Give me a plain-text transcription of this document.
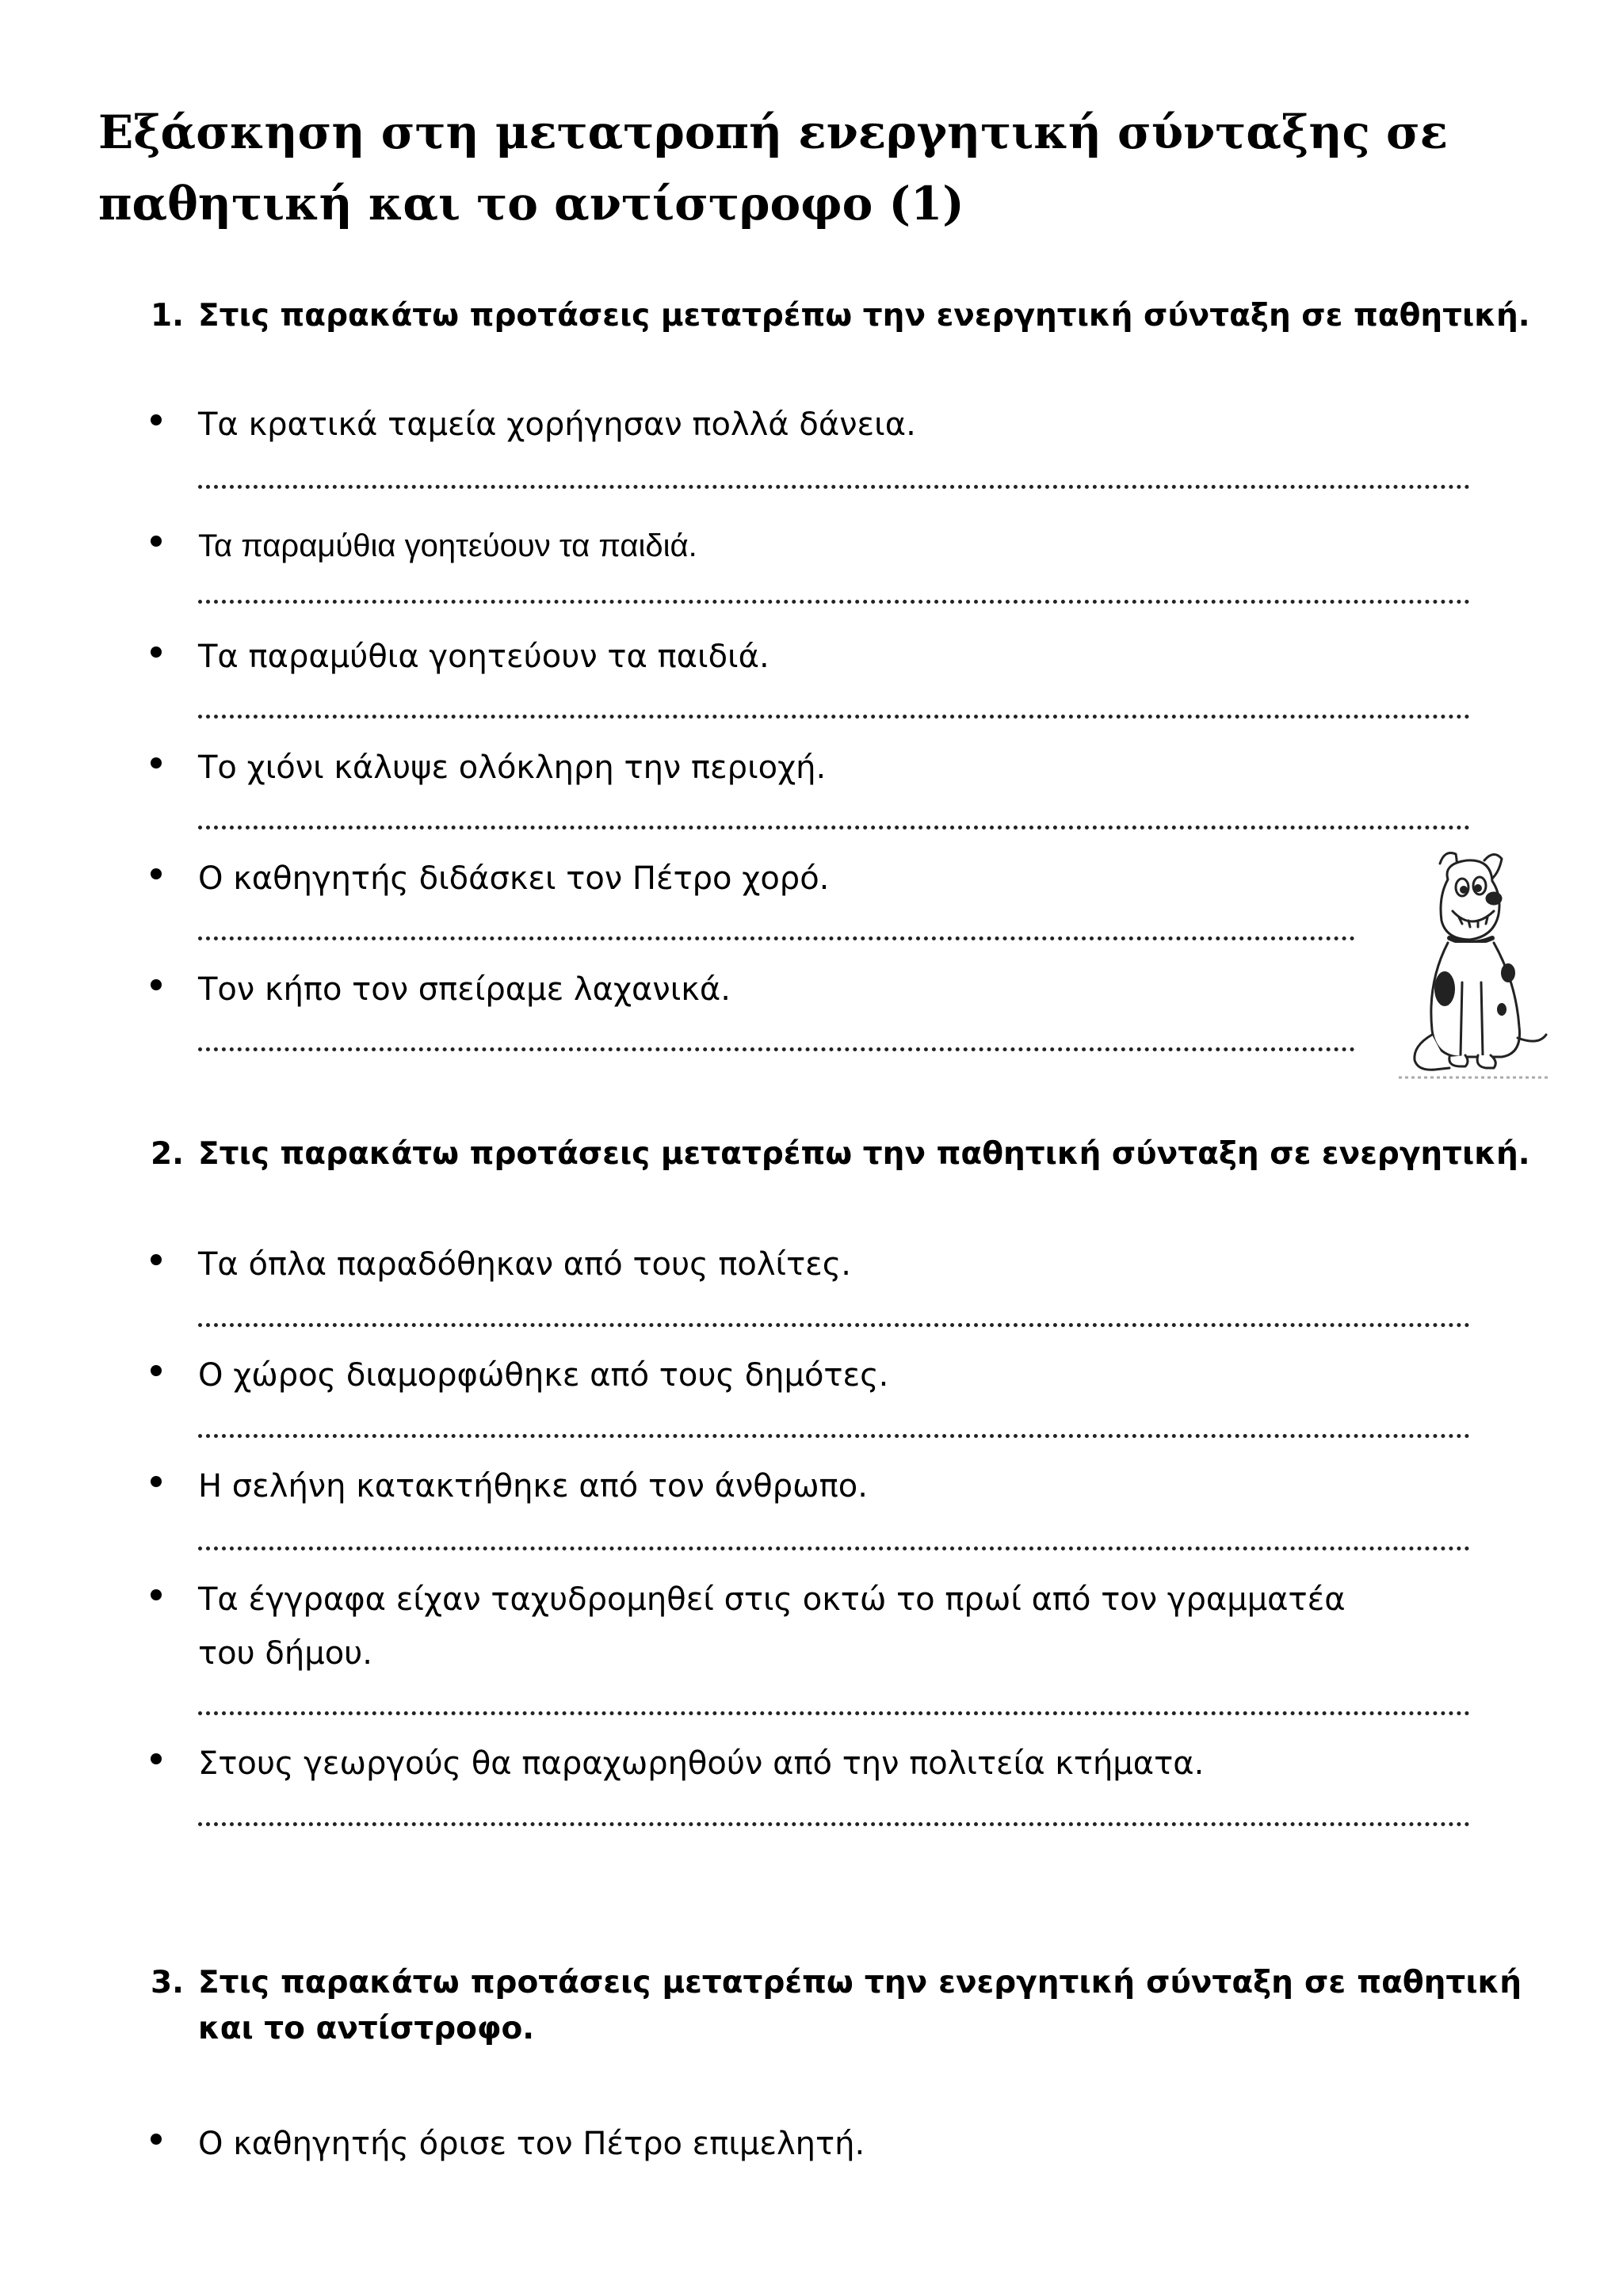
Εξάσκηση στη μετατροπή ενεργητική σύνταξης σε
παθητική και το αντίστροφο (1)
1. Στις παρακάτω προτάσεις μετατρέπω την ενεργητική σύνταξη σε παθητική.
Τα κρατικά ταμεία χορήγησαν πολλά δάνεια.
Τα παραμύθια γοητεύουν τα παιδιά.
Τα παραμύθια γοητεύουν τα παιδιά.
Το χιόνι κάλυψε ολόκληρη την περιοχή.
Ο καθηγητής διδάσκει τον Πέτρο χορό.
Τον κήπο τον σπείραμε λαχανικά.
2. Στις παρακάτω προτάσεις μετατρέπω την παθητική σύνταξη σε ενεργητική.
Τα όπλα παραδόθηκαν από τους πολίτες.
Ο χώρος διαμορφώθηκε από τους δημότες.
Η σελήνη κατακτήθηκε από τον άνθρωπο.
Τα έγγραφα είχαν ταχυδρομηθεί στις οκτώ το πρωί από τον γραμματέα του δήμου.
Στους γεωργούς θα παραχωρηθούν από την πολιτεία κτήματα.
3. Στις παρακάτω προτάσεις μετατρέπω την ενεργητική σύνταξη σε παθητική και το αντίστροφο.
Ο καθηγητής όρισε τον Πέτρο επιμελητή.
